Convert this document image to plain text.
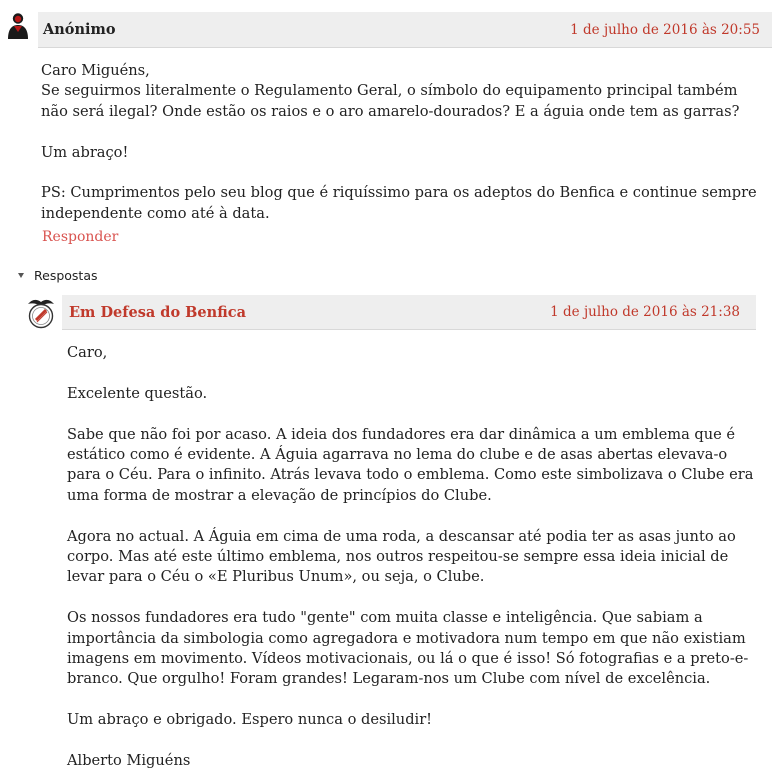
Anónimo	1 de julho de 2016 às 20:55

Caro Miguéns,

Se seguirmos literalmente o Regulamento Geral, o símbolo do equipamento principal também não será ilegal? Onde estão os raios e o aro amarelo-dourados? E a águia onde tem as garras?

Um abraço!

PS: Cumprimentos pelo seu blog que é riquíssimo para os adeptos do Benfica e continue sempre independente como até à data.

Responder
Respostas
Em Defesa do Benfica	1 de julho de 2016 às 21:38

Caro,

Excelente questão.

Sabe que não foi por acaso. A ideia dos fundadores era dar dinâmica a um emblema que é estático como é evidente. A Águia agarrava no lema do clube e de asas abertas elevava-o para o Céu. Para o infinito. Atrás levava todo o emblema. Como este simbolizava o Clube era uma forma de mostrar a elevação de princípios do Clube.

Agora no actual. A Águia em cima de uma roda, a descansar até podia ter as asas junto ao corpo. Mas até este último emblema, nos outros respeitou-se sempre essa ideia inicial de levar para o Céu o «E Pluribus Unum», ou seja, o Clube.

Os nossos fundadores era tudo "gente" com muita classe e inteligência. Que sabiam a importância da simbologia como agregadora e motivadora num tempo em que não existiam imagens em movimento. Vídeos motivacionais, ou lá o que é isso! Só fotografias e a preto-e-branco. Que orgulho! Foram grandes! Legaram-nos um Clube com nível de excelência.

Um abraço e obrigado. Espero nunca o desiludir!

Alberto Miguéns
